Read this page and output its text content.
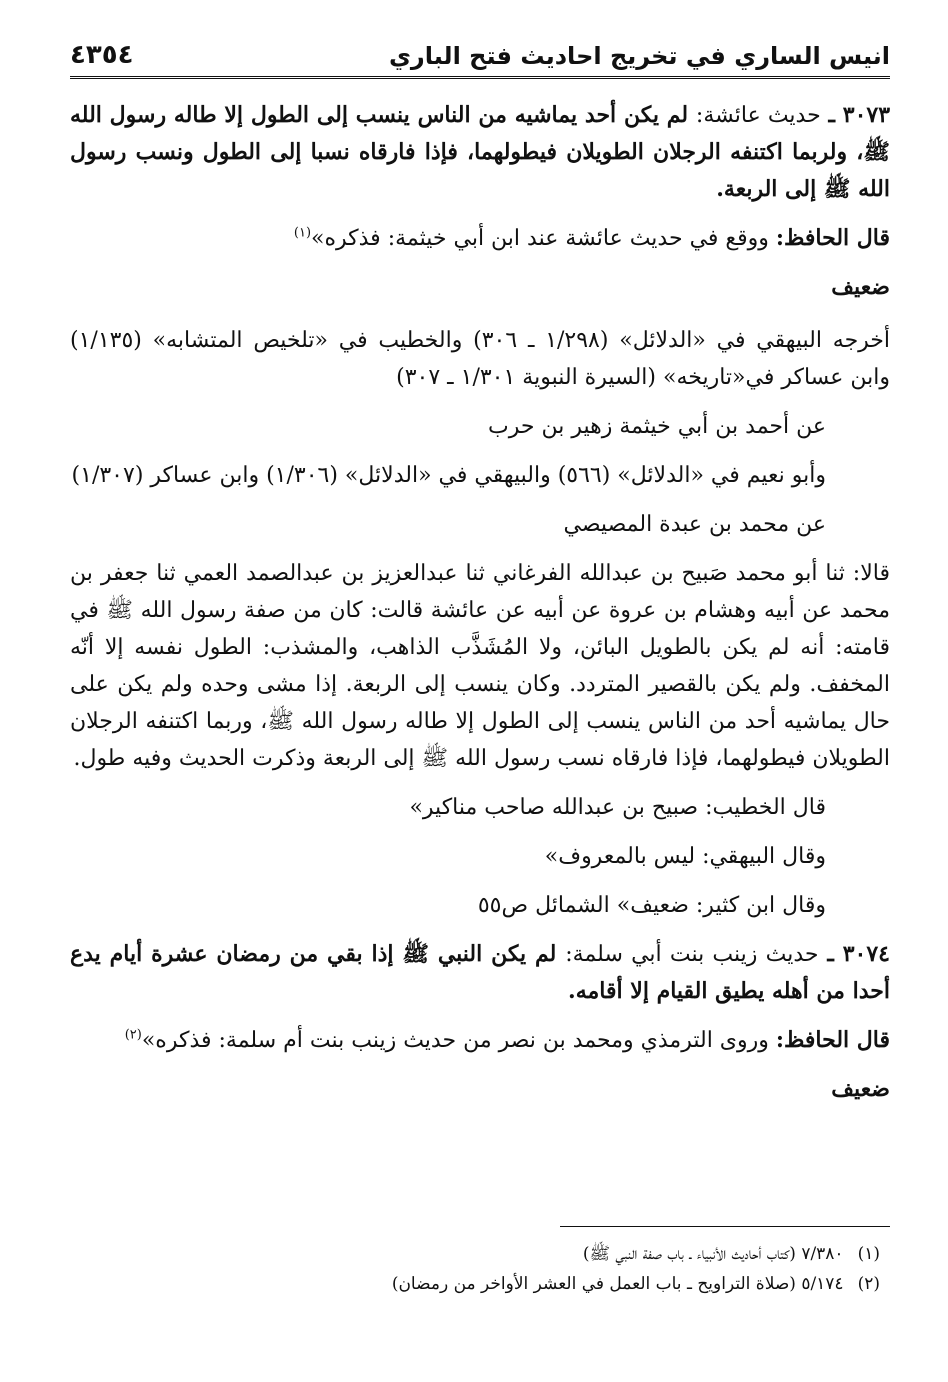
انيس الساري في تخريج احاديث فتح الباري
٤٣٥٤

٣٠٧٣ ـ حديث عائشة: لم يكن أحد يماشيه من الناس ينسب إلى الطول إلا طاله رسول الله ﷺ، ولربما اكتنفه الرجلان الطويلان فيطولهما، فإذا فارقاه نسبا إلى الطول ونسب رسول الله ﷺ إلى الربعة.

قال الحافظ: ووقع في حديث عائشة عند ابن أبي خيثمة: فذكره»$^{(١)}$

ضعيف

أخرجه البيهقي في «الدلائل» (١/٢٩٨ ـ ٣٠٦) والخطيب في «تلخيص المتشابه» (١/١٣٥) وابن عساكر في«تاريخه» (السيرة النبوية ١/٣٠١ ـ ٣٠٧)

عن أحمد بن أبي خيثمة زهير بن حرب

وأبو نعيم في «الدلائل» (٥٦٦) والبيهقي في «الدلائل» (١/٣٠٦) وابن عساكر (١/٣٠٧)

عن محمد بن عبدة المصيصي

قالا: ثنا أبو محمد صَبيح بن عبدالله الفرغاني ثنا عبدالعزيز بن عبدالصمد العمي ثنا جعفر بن محمد عن أبيه وهشام بن عروة عن أبيه عن عائشة قالت: كان من صفة رسول الله ﷺ في قامته: أنه لم يكن بالطويل البائن، ولا المُشَذَّب الذاهب، والمشذب: الطول نفسه إلا أنّه المخفف. ولم يكن بالقصير المتردد. وكان ينسب إلى الربعة. إذا مشى وحده ولم يكن على حال يماشيه أحد من الناس ينسب إلى الطول إلا طاله رسول الله ﷺ، وربما اكتنفه الرجلان الطويلان فيطولهما، فإذا فارقاه نسب رسول الله ﷺ إلى الربعة وذكرت الحديث وفيه طول.

قال الخطيب: صبيح بن عبدالله صاحب مناكير»

وقال البيهقي: ليس بالمعروف»

وقال ابن كثير: ضعيف» الشمائل ص٥٥

٣٠٧٤ ـ حديث زينب بنت أبي سلمة: لم يكن النبي ﷺ إذا بقي من رمضان عشرة أيام يدع أحدا من أهله يطيق القيام إلا أقامه.

قال الحافظ: وروى الترمذي ومحمد بن نصر من حديث زينب بنت أم سلمة: فذكره»$^{(٢)}$

ضعيف

(١)
٧/٣٨٠ (كتاب أحاديث الأنبياء ـ باب صفة النبي ﷺ)
(٢)
٥/١٧٤ (صلاة التراويح ـ باب العمل في العشر الأواخر من رمضان)
